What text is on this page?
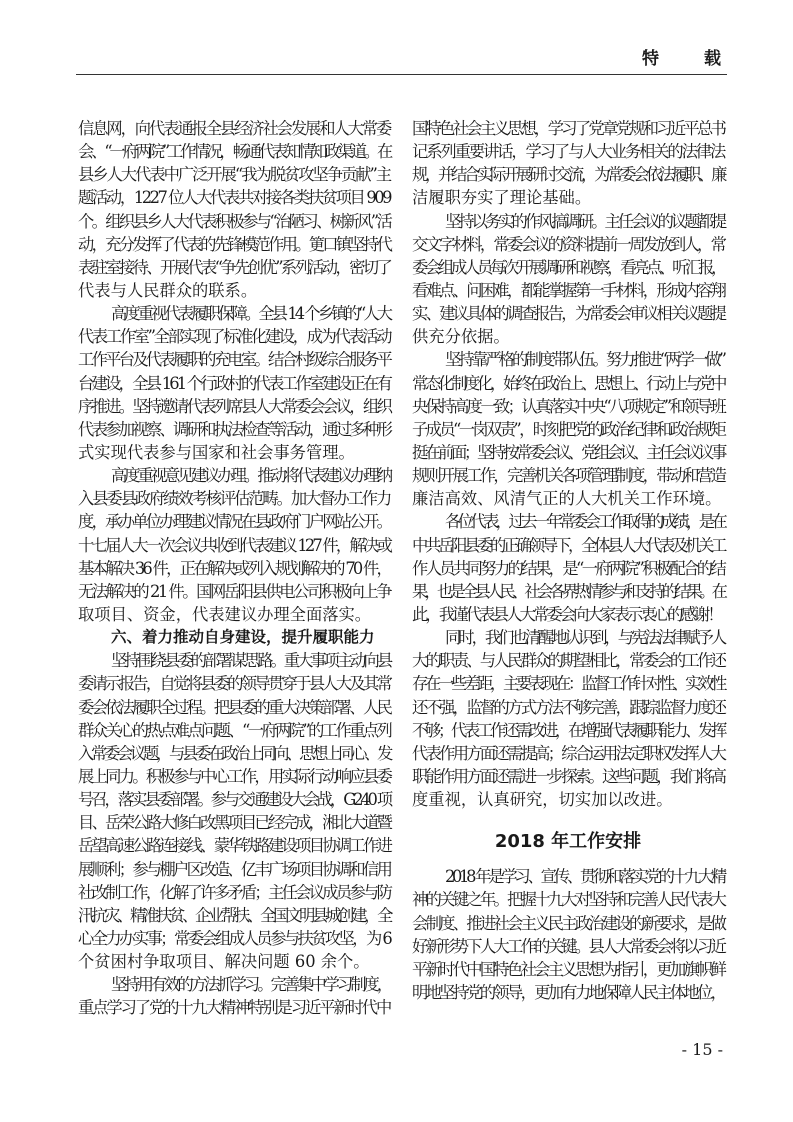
特　载
信息网，向代表通报全县经济社会发展和人大常委
会、“一府两院”工作情况，畅通代表知情知政渠道。在
县乡人大代表中广泛开展“我为脱贫攻坚争贡献”主
题活动，1227 位人大代表共对接各类扶贫项目 909
个。组织县乡人大代表积极参与“治陋习、树新风”活
动，充分发挥了代表的先锋模范作用。筻口镇坚持代
表驻室接待、开展代表“争先创优”系列活动，密切了
代表与人民群众的联系。
高度重视代表履职保障。全县 14 个乡镇的“人大
代表工作室”全部实现了标准化建设，成为代表活动
工作平台及代表履职的充电室。结合村级综合服务平
台建设，全县 161 个行政村的代表工作室建设正在有
序推进。坚持邀请代表列席县人大常委会会议，组织
代表参加视察、调研和执法检查等活动，通过多种形
式实现代表参与国家和社会事务管理。
高度重视意见建议办理。推动将代表建议办理纳
入县委县政府绩效考核评估范畴。加大督办工作力
度，承办单位办理建议情况在县政府门户网站公开。
十七届人大一次会议共收到代表建议 127 件，解决或
基本解决 36 件，正在解决或列入规划解决的 70 件，
无法解决的 21 件。国网岳阳县供电公司积极向上争
取项目、资金，代表建议办理全面落实。
六、着力推动自身建设，提升履职能力
坚持围绕县委的部署谋思路。重大事项主动向县
委请示报告，自觉将县委的领导贯穿于县人大及其常
委会依法履职全过程。把县委的重大决策部署、人民
群众关心的热点难点问题、“一府两院”的工作重点列
入常委会议题，与县委在政治上同向、思想上同心、发
展上同力。积极参与中心工作，用实际行动响应县委
号召，落实县委部署。参与交通建设大会战，G240 项
目、岳荣公路大修白改黑项目已经完成，湘北大道暨
岳望高速公路连接线、蒙华铁路建设项目协调工作进
展顺利；参与棚户区改造、亿丰广场项目协调和信用
社改制工作，化解了许多矛盾；主任会议成员参与防
汛抗灾、精准扶贫、企业帮扶、全国文明县城创建，全
心全力办实事；常委会组成人员参与扶贫攻坚，为 6
个贫困村争取项目、解决问题 60 余个。
坚持用有效的方法抓学习。完善集中学习制度，
重点学习了党的十九大精神特别是习近平新时代中
国特色社会主义思想，学习了党章党规和习近平总书
记系列重要讲话，学习了与人大业务相关的法律法
规，并结合实际开展研讨交流，为常委会依法履职、廉
洁履职夯实了理论基础。
坚持以务实的作风搞调研。主任会议的议题都提
交文字材料，常委会议的资料提前一周发放到人，常
委会组成人员每次开展调研和视察，看亮点、听汇报，
看难点、问困难，都能掌握第一手材料，形成内容翔
实、建议具体的调查报告，为常委会审议相关议题提
供充分依据。
坚持靠严格的制度带队伍。努力推进“两学一做”
常态化制度化，始终在政治上、思想上、行动上与党中
央保持高度一致；认真落实中央“八项规定”和领导班
子成员“一岗双责”，时刻把党的政治纪律和政治规矩
挺在前面；坚持按常委会议、党组会议、主任会议议事
规则开展工作，完善机关各项管理制度，带动和营造
廉洁高效、风清气正的人大机关工作环境。
各位代表，过去一年常委会工作取得的成绩，是在
中共岳阳县委的正确领导下，全体县人大代表及机关工
作人员共同努力的结果，是“一府两院”积极配合的结
果，也是全县人民、社会各界热情参与和支持的结果。在
此，我谨代表县人大常委会向大家表示衷心的感谢！
同时，我们也清醒地认识到，与宪法法律赋予人
大的职责、与人民群众的期望相比，常委会的工作还
存在一些差距，主要表现在：监督工作针对性、实效性
还不强，监督的方式方法不够完善，跟踪监督力度还
不够；代表工作还需改进，在增强代表履职能力、发挥
代表作用方面还需提高；综合运用法定职权发挥人大
职能作用方面还需进一步探索。这些问题，我们将高
度重视，认真研究，切实加以改进。
2018 年工作安排
2018 年是学习、宣传、贯彻和落实党的十九大精
神的关键之年。把握十九大对坚持和完善人民代表大
会制度、推进社会主义民主政治建设的新要求，是做
好新形势下人大工作的关键。县人大常委会将以习近
平新时代中国特色社会主义思想为指引，更加旗帜鲜
明地坚持党的领导，更加有力地保障人民主体地位，
- 15 -
